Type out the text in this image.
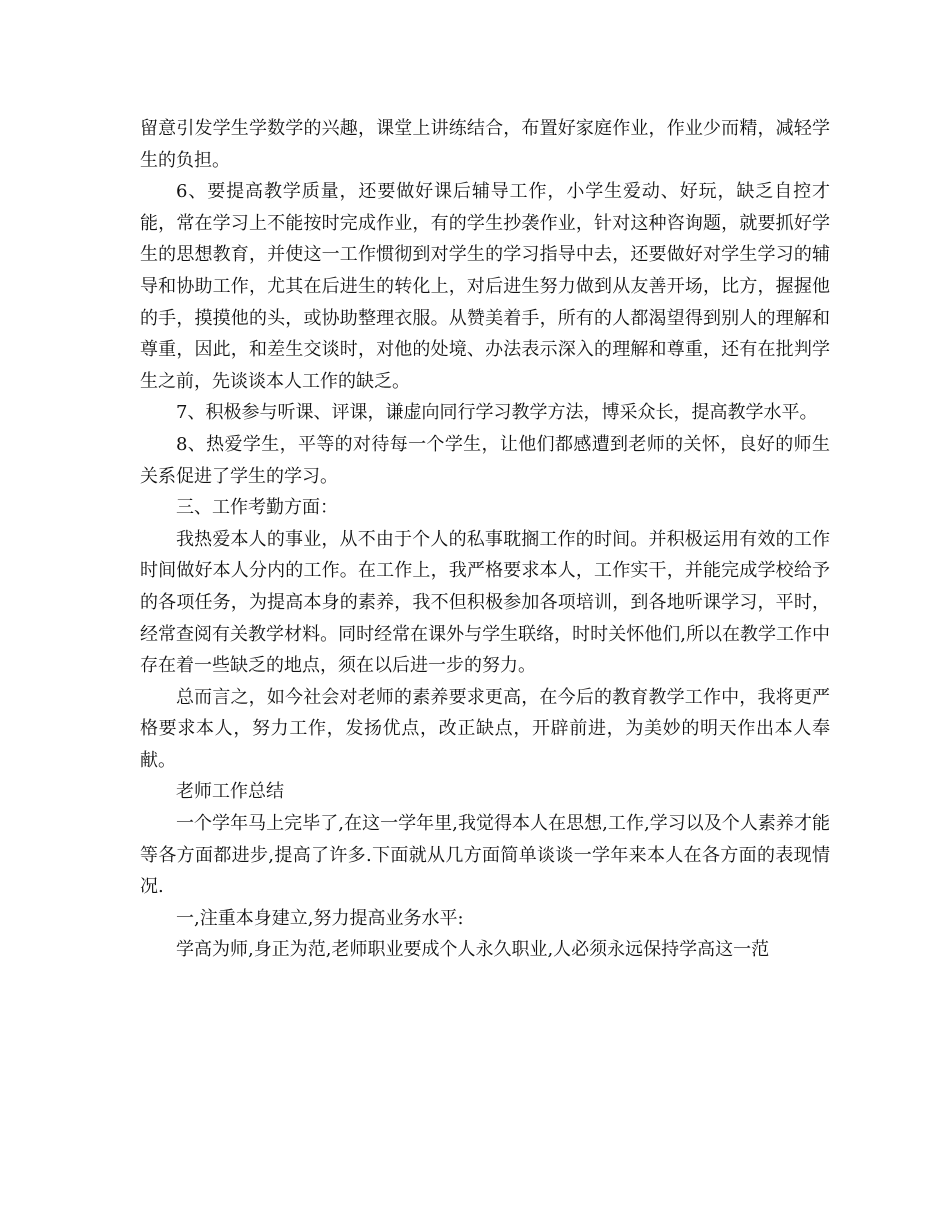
留意引发学生学数学的兴趣，课堂上讲练结合，布置好家庭作业，作业少而精，减轻学生的负担。

6、要提高教学质量，还要做好课后辅导工作，小学生爱动、好玩，缺乏自控才能，常在学习上不能按时完成作业，有的学生抄袭作业，针对这种咨询题，就要抓好学生的思想教育，并使这一工作惯彻到对学生的学习指导中去，还要做好对学生学习的辅导和协助工作，尤其在后进生的转化上，对后进生努力做到从友善开场，比方，握握他的手，摸摸他的头，或协助整理衣服。从赞美着手，所有的人都渴望得到别人的理解和尊重，因此，和差生交谈时，对他的处境、办法表示深入的理解和尊重，还有在批判学生之前，先谈谈本人工作的缺乏。

7、积极参与听课、评课，谦虚向同行学习教学方法，博采众长，提高教学水平。

8、热爱学生，平等的对待每一个学生，让他们都感遭到老师的关怀，良好的师生关系促进了学生的学习。

三、工作考勤方面：

我热爱本人的事业，从不由于个人的私事耽搁工作的时间。并积极运用有效的工作时间做好本人分内的工作。在工作上，我严格要求本人，工作实干，并能完成学校给予的各项任务，为提高本身的素养，我不但积极参加各项培训，到各地听课学习，平时，经常查阅有关教学材料。同时经常在课外与学生联络，时时关怀他们,所以在教学工作中存在着一些缺乏的地点，须在以后进一步的努力。

总而言之，如今社会对老师的素养要求更高，在今后的教育教学工作中，我将更严格要求本人，努力工作，发扬优点，改正缺点，开辟前进，为美妙的明天作出本人奉献。

老师工作总结

一个学年马上完毕了,在这一学年里,我觉得本人在思想,工作,学习以及个人素养才能等各方面都进步,提高了许多.下面就从几方面简单谈谈一学年来本人在各方面的表现情况.

一,注重本身建立,努力提高业务水平:

学高为师,身正为范,老师职业要成个人永久职业,人必须永远保持学高这一范
